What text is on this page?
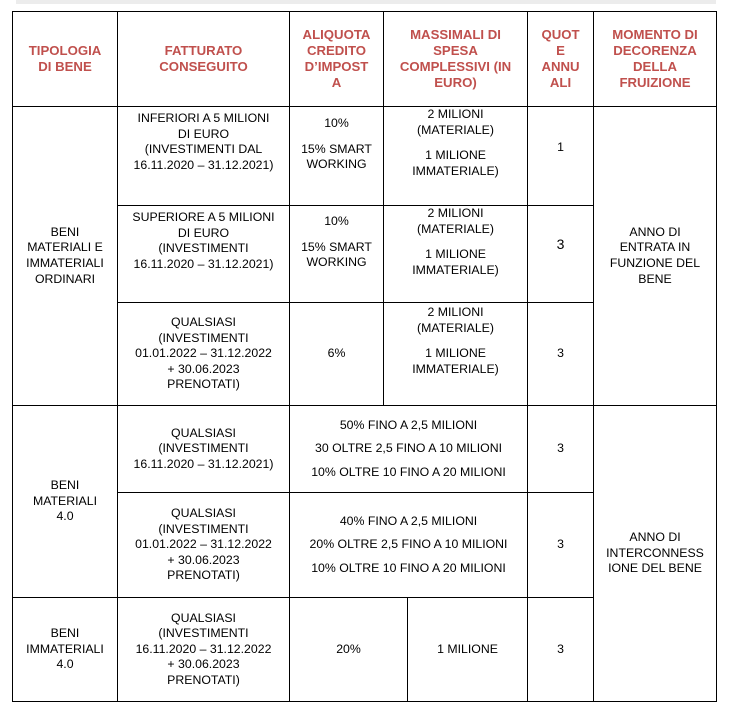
TIPOLOGIA
DI BENE
FATTURATO
CONSEGUITO
ALIQUOTA
CREDITO
D’IMPOST
A
MASSIMALI DI
SPESA
COMPLESSIVI (IN
EURO)
QUOT
E
ANNU
ALI
MOMENTO DI
DECORENZA
DELLA
FRUIZIONE
BENI
MATERIALI E
IMMATERIALI
ORDINARI
BENI
MATERIALI
4.0
BENI
IMMATERIALI
4.0
ANNO DI
ENTRATA IN
FUNZIONE DEL
BENE
ANNO DI
INTERCONNESS
IONE DEL BENE
INFERIORI A 5 MILIONI
DI EURO
(INVESTIMENTI DAL
16.11.2020 – 31.12.2021)
10%
15% SMART
WORKING
2 MILIONI
(MATERIALE)
1 MILIONE
IMMATERIALE)
1
SUPERIORE A 5 MILIONI
DI EURO
(INVESTIMENTI
16.11.2020 – 31.12.2021)
10%
15% SMART
WORKING
2 MILIONI
(MATERIALE)
1 MILIONE
IMMATERIALE)
3
QUALSIASI
(INVESTIMENTI
01.01.2022 – 31.12.2022
+ 30.06.2023
PRENOTATI)
6%
2 MILIONI
(MATERIALE)
1 MILIONE
IMMATERIALE)
3
QUALSIASI
(INVESTIMENTI
16.11.2020 – 31.12.2021)
50% FINO A 2,5 MILIONI
30 OLTRE 2,5 FINO A 10 MILIONI
10% OLTRE 10 FINO A 20 MILIONI
3
QUALSIASI
(INVESTIMENTI
01.01.2022 – 31.12.2022
+ 30.06.2023
PRENOTATI)
40% FINO A 2,5 MILIONI
20% OLTRE 2,5 FINO A 10 MILIONI
10% OLTRE 10 FINO A 20 MILIONI
3
QUALSIASI
(INVESTIMENTI
16.11.2020 – 31.12.2022
+ 30.06.2023
PRENOTATI)
20%	1 MILIONE	3
